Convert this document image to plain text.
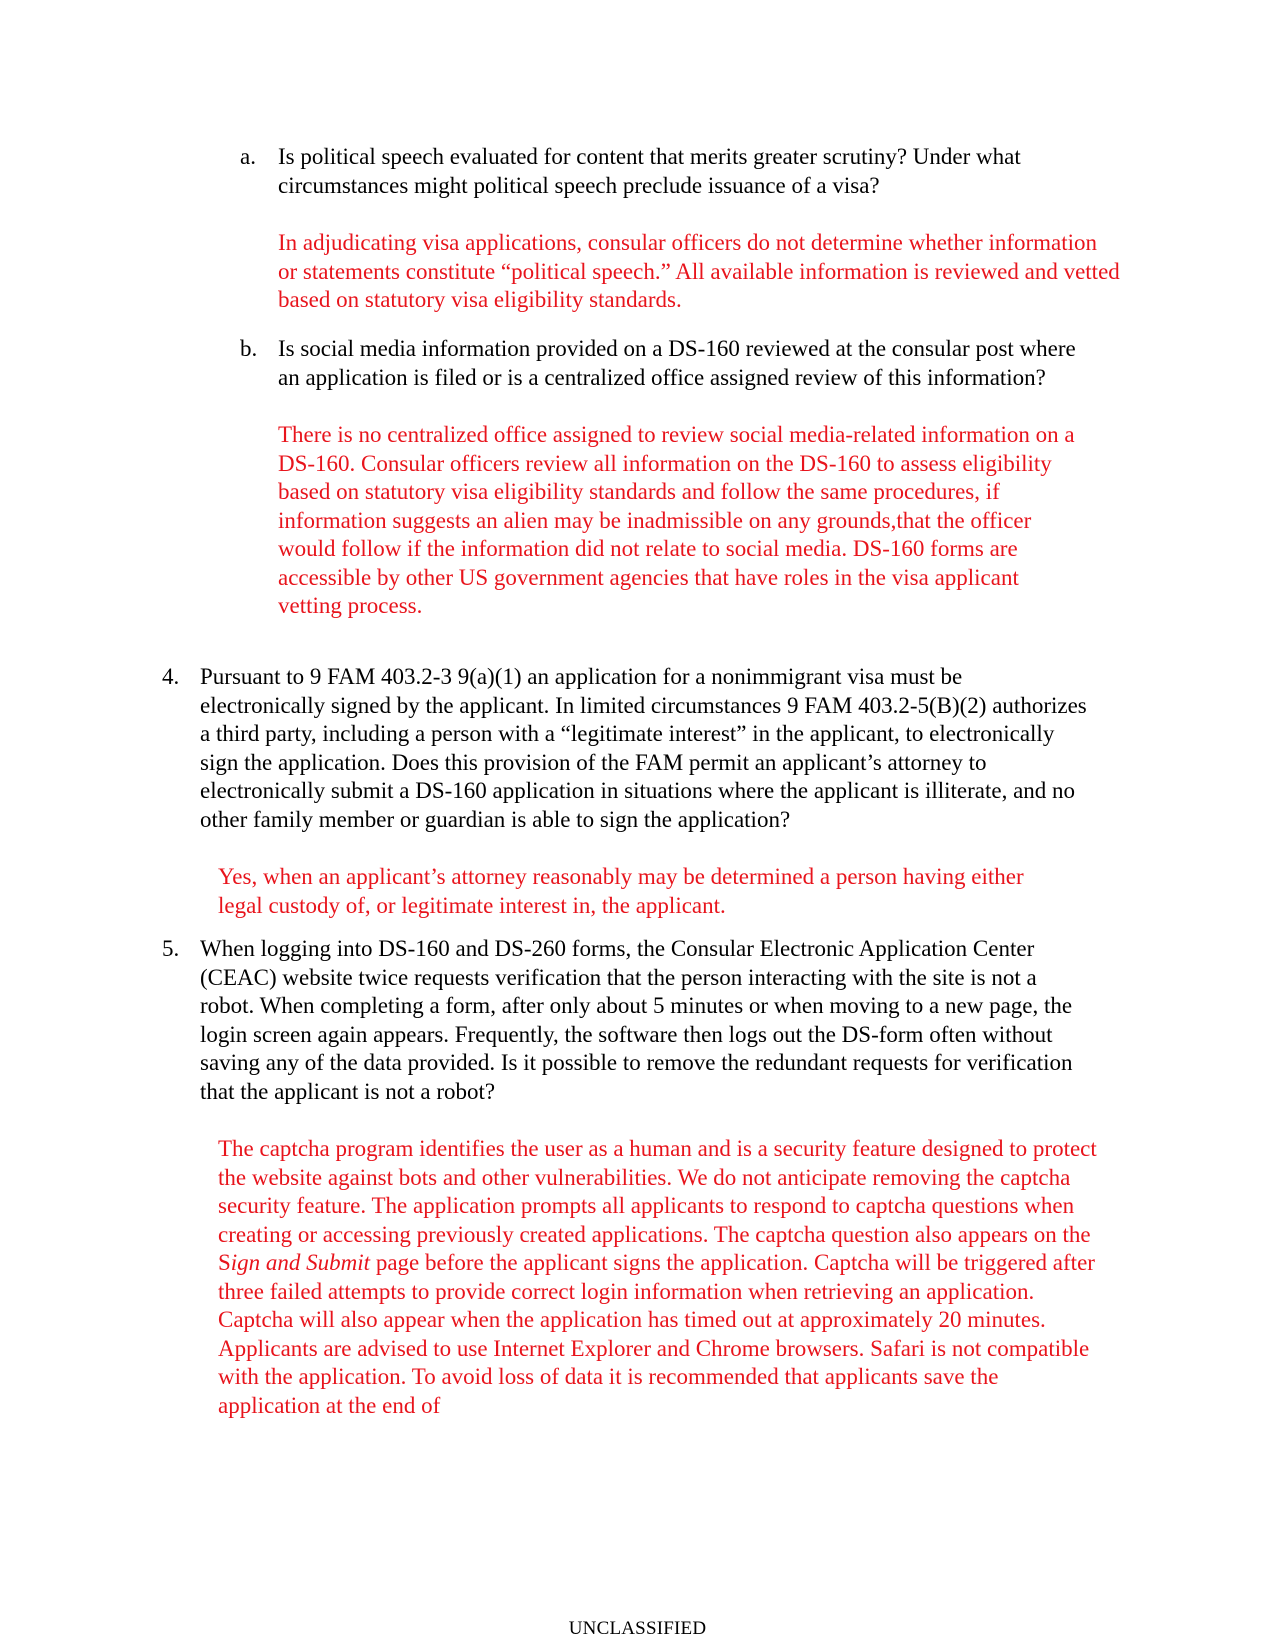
a. Is political speech evaluated for content that merits greater scrutiny? Under what circumstances might political speech preclude issuance of a visa?

In adjudicating visa applications, consular officers do not determine whether information or statements constitute “political speech.” All available information is reviewed and vetted based on statutory visa eligibility standards.

b. Is social media information provided on a DS-160 reviewed at the consular post where an application is filed or is a centralized office assigned review of this information?

There is no centralized office assigned to review social media-related information on a DS-160. Consular officers review all information on the DS-160 to assess eligibility based on statutory visa eligibility standards and follow the same procedures, if information suggests an alien may be inadmissible on any grounds,that the officer would follow if the information did not relate to social media. DS-160 forms are accessible by other US government agencies that have roles in the visa applicant vetting process.

4. Pursuant to 9 FAM 403.2-3 9(a)(1) an application for a nonimmigrant visa must be electronically signed by the applicant. In limited circumstances 9 FAM 403.2-5(B)(2) authorizes a third party, including a person with a “legitimate interest” in the applicant, to electronically sign the application. Does this provision of the FAM permit an applicant’s attorney to electronically submit a DS-160 application in situations where the applicant is illiterate, and no other family member or guardian is able to sign the application?

Yes, when an applicant’s attorney reasonably may be determined a person having either legal custody of, or legitimate interest in, the applicant.

5. When logging into DS-160 and DS-260 forms, the Consular Electronic Application Center (CEAC) website twice requests verification that the person interacting with the site is not a robot. When completing a form, after only about 5 minutes or when moving to a new page, the login screen again appears. Frequently, the software then logs out the DS-form often without saving any of the data provided. Is it possible to remove the redundant requests for verification that the applicant is not a robot?

The captcha program identifies the user as a human and is a security feature designed to protect the website against bots and other vulnerabilities. We do not anticipate removing the captcha security feature. The application prompts all applicants to respond to captcha questions when creating or accessing previously created applications. The captcha question also appears on the Sign and Submit page before the applicant signs the application. Captcha will be triggered after three failed attempts to provide correct login information when retrieving an application. Captcha will also appear when the application has timed out at approximately 20 minutes. Applicants are advised to use Internet Explorer and Chrome browsers. Safari is not compatible with the application. To avoid loss of data it is recommended that applicants save the application at the end of

UNCLASSIFIED
